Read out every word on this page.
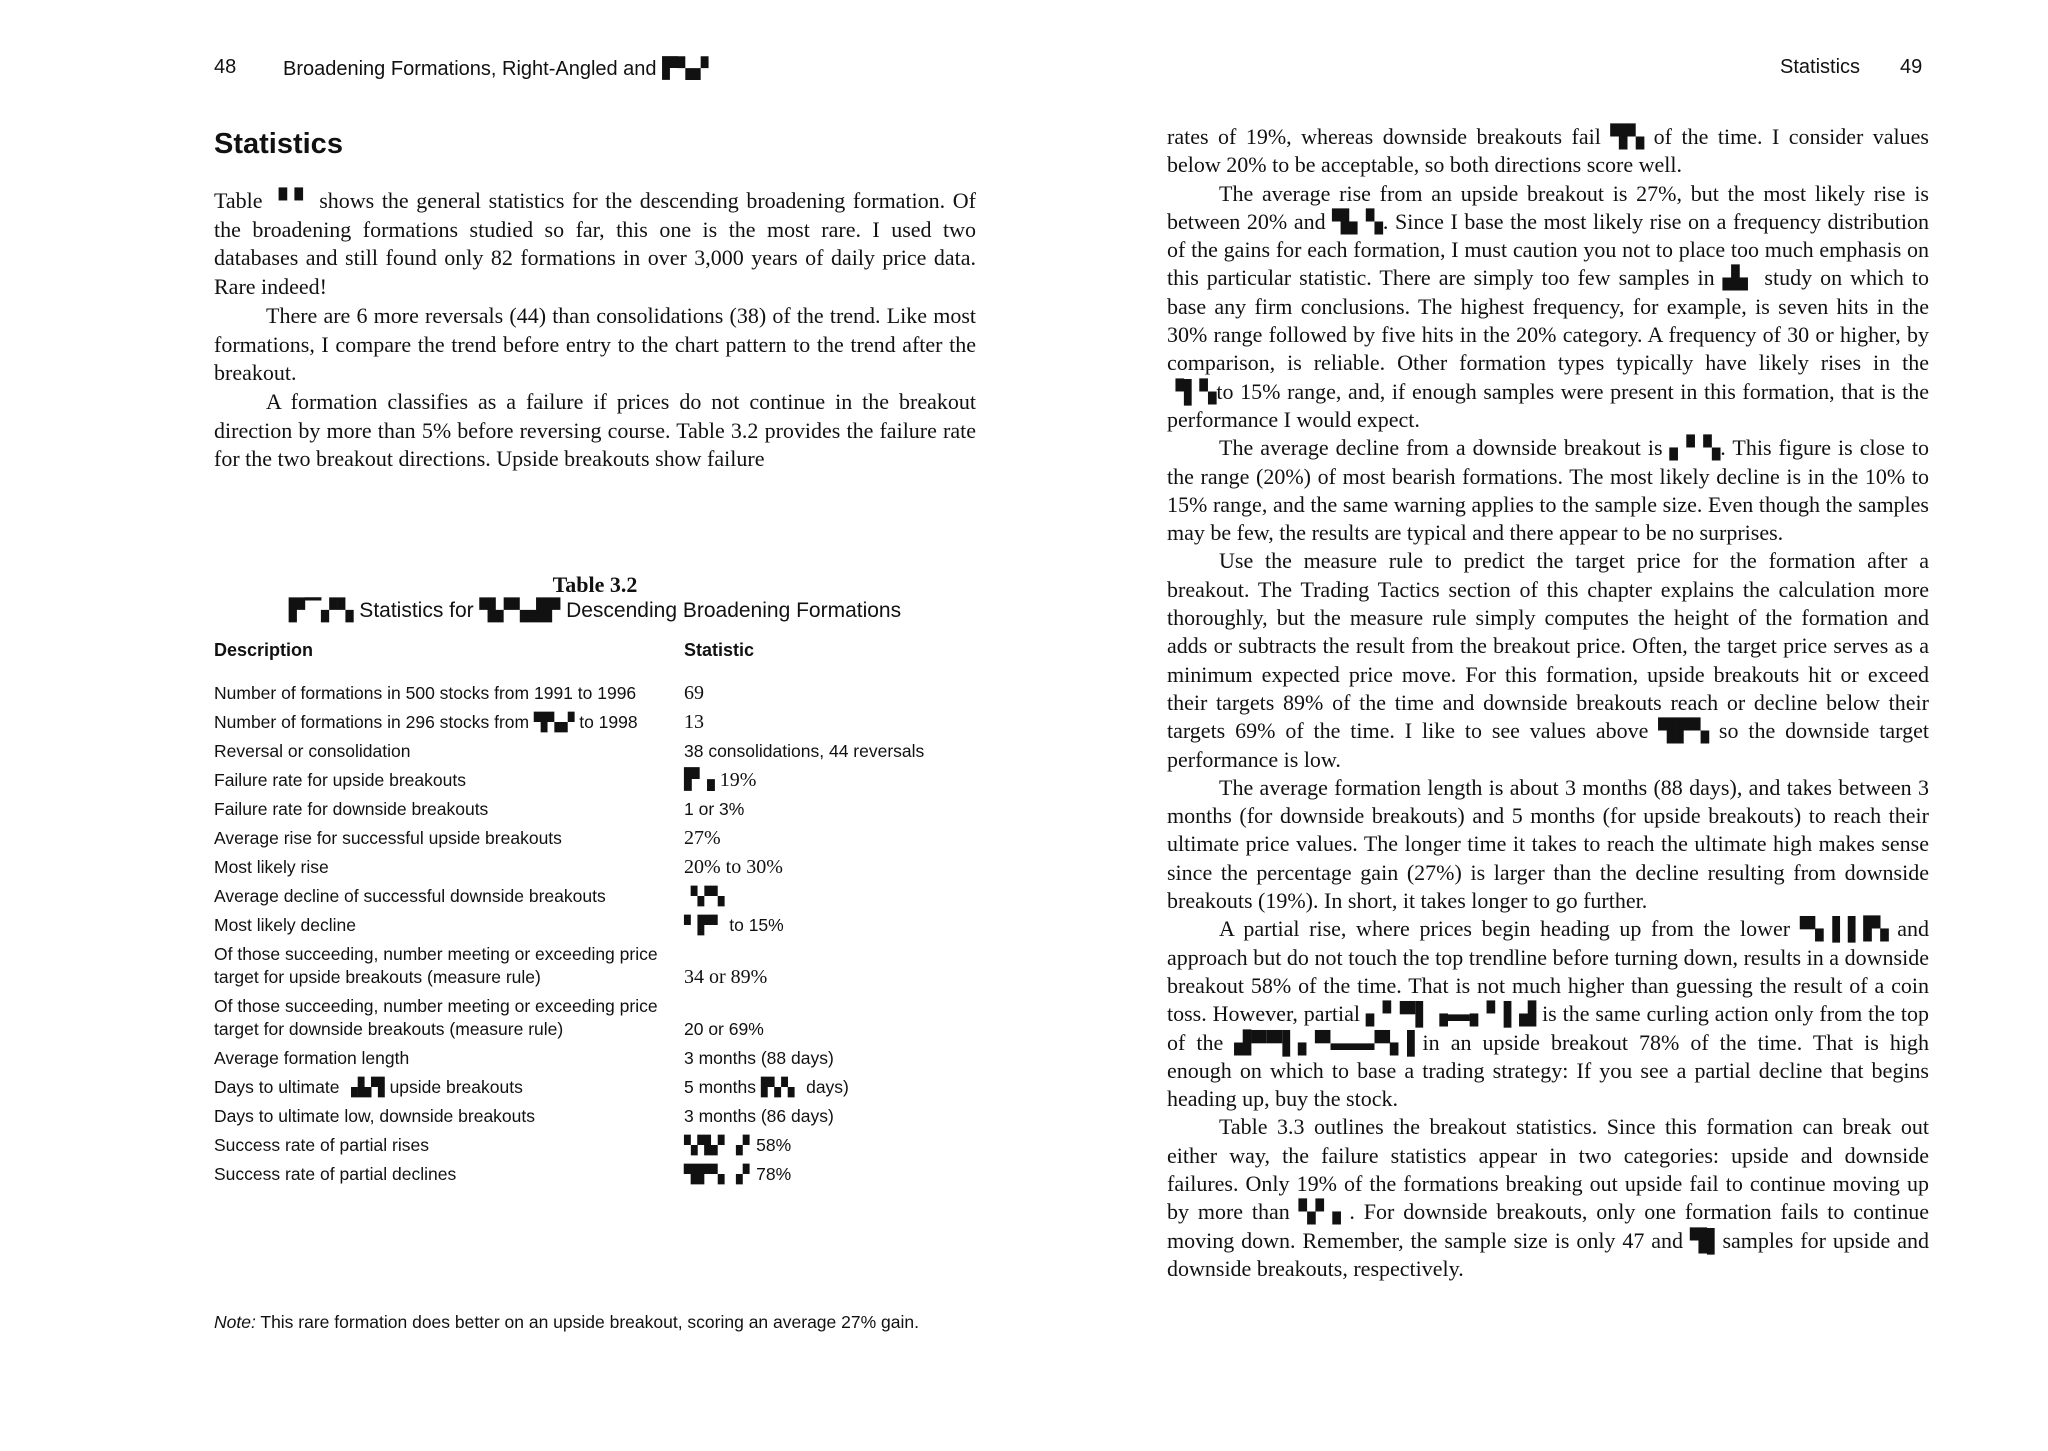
48 Broadening Formations, Right-Angled and ▛▚▞
Statistics

Table ▝ ▘ shows the general statistics for the descending broadening formation. Of the broadening formations studied so far, this one is the most rare. I used two databases and still found only 82 formations in over 3,000 years of daily price data. Rare indeed!

There are 6 more reversals (44) than consolidations (38) of the trend. Like most formations, I compare the trend before entry to the chart pattern to the trend after the breakout.

A formation classifies as a failure if prices do not continue in the breakout direction by more than 5% before reversing course. Table 3.2 provides the failure rate for the two breakout directions. Upside breakouts show failure

Table 3.2
▛▔▞▚ Statistics for ▜▞▚▟▛ Descending Broadening Formations
Description	Statistic
Number of formations in 500 stocks from 1991 to 1996	69
Number of formations in 296 stocks from ▜▚▞ to 1998	13
Reversal or consolidation	38 consolidations, 44 reversals
Failure rate for upside breakouts	▛▗ 19%
Failure rate for downside breakouts	1 or 3%
Average rise for successful upside breakouts	27%
Most likely rise	20% to 30%
Average decline of successful downside breakouts	▝▞▚
Most likely decline	▘▛▘ to 15%
Of those succeeding, number meeting or exceeding price target for upside breakouts (measure rule)	34 or 89%
Of those succeeding, number meeting or exceeding price target for downside breakouts (measure rule)	20 or 69%
Average formation length	3 months (88 days)
Days to ultimate ▗▙▜ upside breakouts	5 months ▛▞▖ days)
Days to ultimate low, downside breakouts	3 months (86 days)
Success rate of partial rises	▚▜▞ ▗▘58%
Success rate of partial declines	▜▛▚ ▗▘78%
Note: This rare formation does better on an upside breakout, scoring an average 27% gain.
Statistics 49

rates of 19%, whereas downside breakouts fail ▜▚ of the time. I consider values below 20% to be acceptable, so both directions score well.

The average rise from an upside breakout is 27%, but the most likely rise is between 20% and ▜▖▚. Since I base the most likely rise on a frequency distribution of the gains for each formation, I must caution you not to place too much emphasis on this particular statistic. There are simply too few samples in ▟▖ study on which to base any firm conclusions. The highest frequency, for example, is seven hits in the 30% range followed by five hits in the 20% category. A frequency of 30 or higher, by comparison, is reliable. Other formation types typically have likely rises in the ▝▌▚to 15% range, and, if enough samples were present in this formation, that is the performance I would expect.

The average decline from a downside breakout is ▖▘▚. This figure is close to the range (20%) of most bearish formations. The most likely decline is in the 10% to 15% range, and the same warning applies to the sample size. Even though the samples may be few, the results are typical and there appear to be no surprises.

Use the measure rule to predict the target price for the formation after a breakout. The Trading Tactics section of this chapter explains the calculation more thoroughly, but the measure rule simply computes the height of the formation and adds or subtracts the result from the breakout price. Often, the target price serves as a minimum expected price move. For this formation, upside breakouts hit or exceed their targets 89% of the time and downside breakouts reach or decline below their targets 69% of the time. I like to see values above ▜▛▚ so the downside target performance is low.

The average formation length is about 3 months (88 days), and takes between 3 months (for downside breakouts) and 5 months (for upside breakouts) to reach their ultimate price values. The longer time it takes to reach the ultimate high makes sense since the percentage gain (27%) is larger than the decline resulting from downside breakouts (19%). In short, it takes longer to go further.

A partial rise, where prices begin heading up from the lower ▀▖▌▌▛▖and approach but do not touch the top trendline before turning down, results in a downside breakout 58% of the time. That is not much higher than guessing the result of a coin toss. However, partial ▖▘▀▌▗▬▖▘▌▟ is the same curling action only from the top of the ▟▀▀▌▖▀▬▬▀▖▌in an upside breakout 78% of the time. That is high enough on which to base a trading strategy: If you see a partial decline that begins heading up, buy the stock.

Table 3.3 outlines the breakout statistics. Since this formation can break out either way, the failure statistics appear in two categories: upside and downside failures. Only 19% of the formations breaking out upside fail to continue moving up by more than ▚▘▖. For downside breakouts, only one formation fails to continue moving down. Remember, the sample size is only 47 and ▜▌samples for upside and downside breakouts, respectively.
